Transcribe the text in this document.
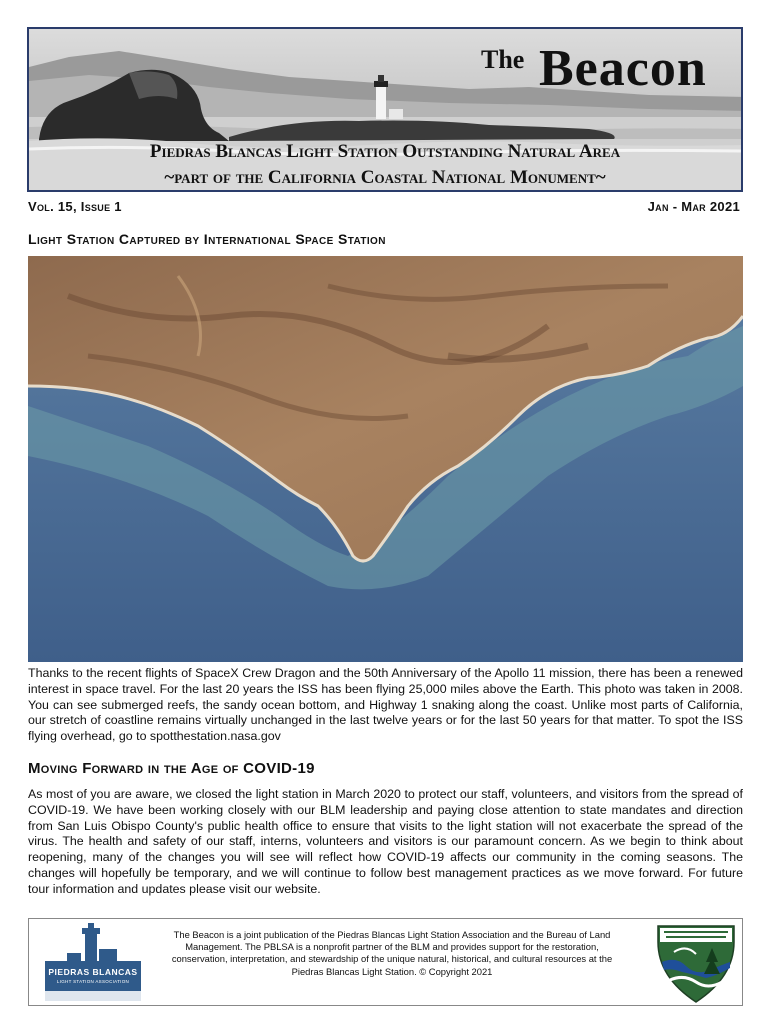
The Beacon
Piedras Blancas Light Station Outstanding Natural Area
~part of the California Coastal National Monument~
Vol. 15, Issue 1	Jan - Mar 2021
Light Station Captured by International Space Station

Thanks to the recent flights of SpaceX Crew Dragon and the 50th Anniversary of the Apollo 11 mission, there has been a renewed interest in space travel. For the last 20 years the ISS has been flying 25,000 miles above the Earth. This photo was taken in 2008. You can see submerged reefs, the sandy ocean bottom, and Highway 1 snaking along the coast. Unlike most parts of California, our stretch of coastline remains virtually unchanged in the last twelve years or for the last 50 years for that matter. To spot the ISS flying overhead, go to spotthestation.nasa.gov

Moving Forward in the Age of COVID-19

As most of you are aware, we closed the light station in March 2020 to protect our staff, volunteers, and visitors from the spread of COVID-19. We have been working closely with our BLM leadership and paying close attention to state mandates and direction from San Luis Obispo County's public health office to ensure that visits to the light station will not exacerbate the spread of the virus. The health and safety of our staff, interns, volunteers and visitors is our paramount concern. As we begin to think about reopening, many of the changes you will see will reflect how COVID-19 affects our community in the coming seasons. The changes will hopefully be temporary, and we will continue to follow best management practices as we move forward. For future tour information and updates please visit our website.

PIEDRAS BLANCAS
LIGHT STATION ASSOCIATION

The Beacon is a joint publication of the Piedras Blancas Light Station Association and the Bureau of Land Management. The PBLSA is a nonprofit partner of the BLM and provides support for the restoration, conservation, interpretation, and stewardship of the unique natural, historical, and cultural resources at the Piedras Blancas Light Station. © Copyright 2021
